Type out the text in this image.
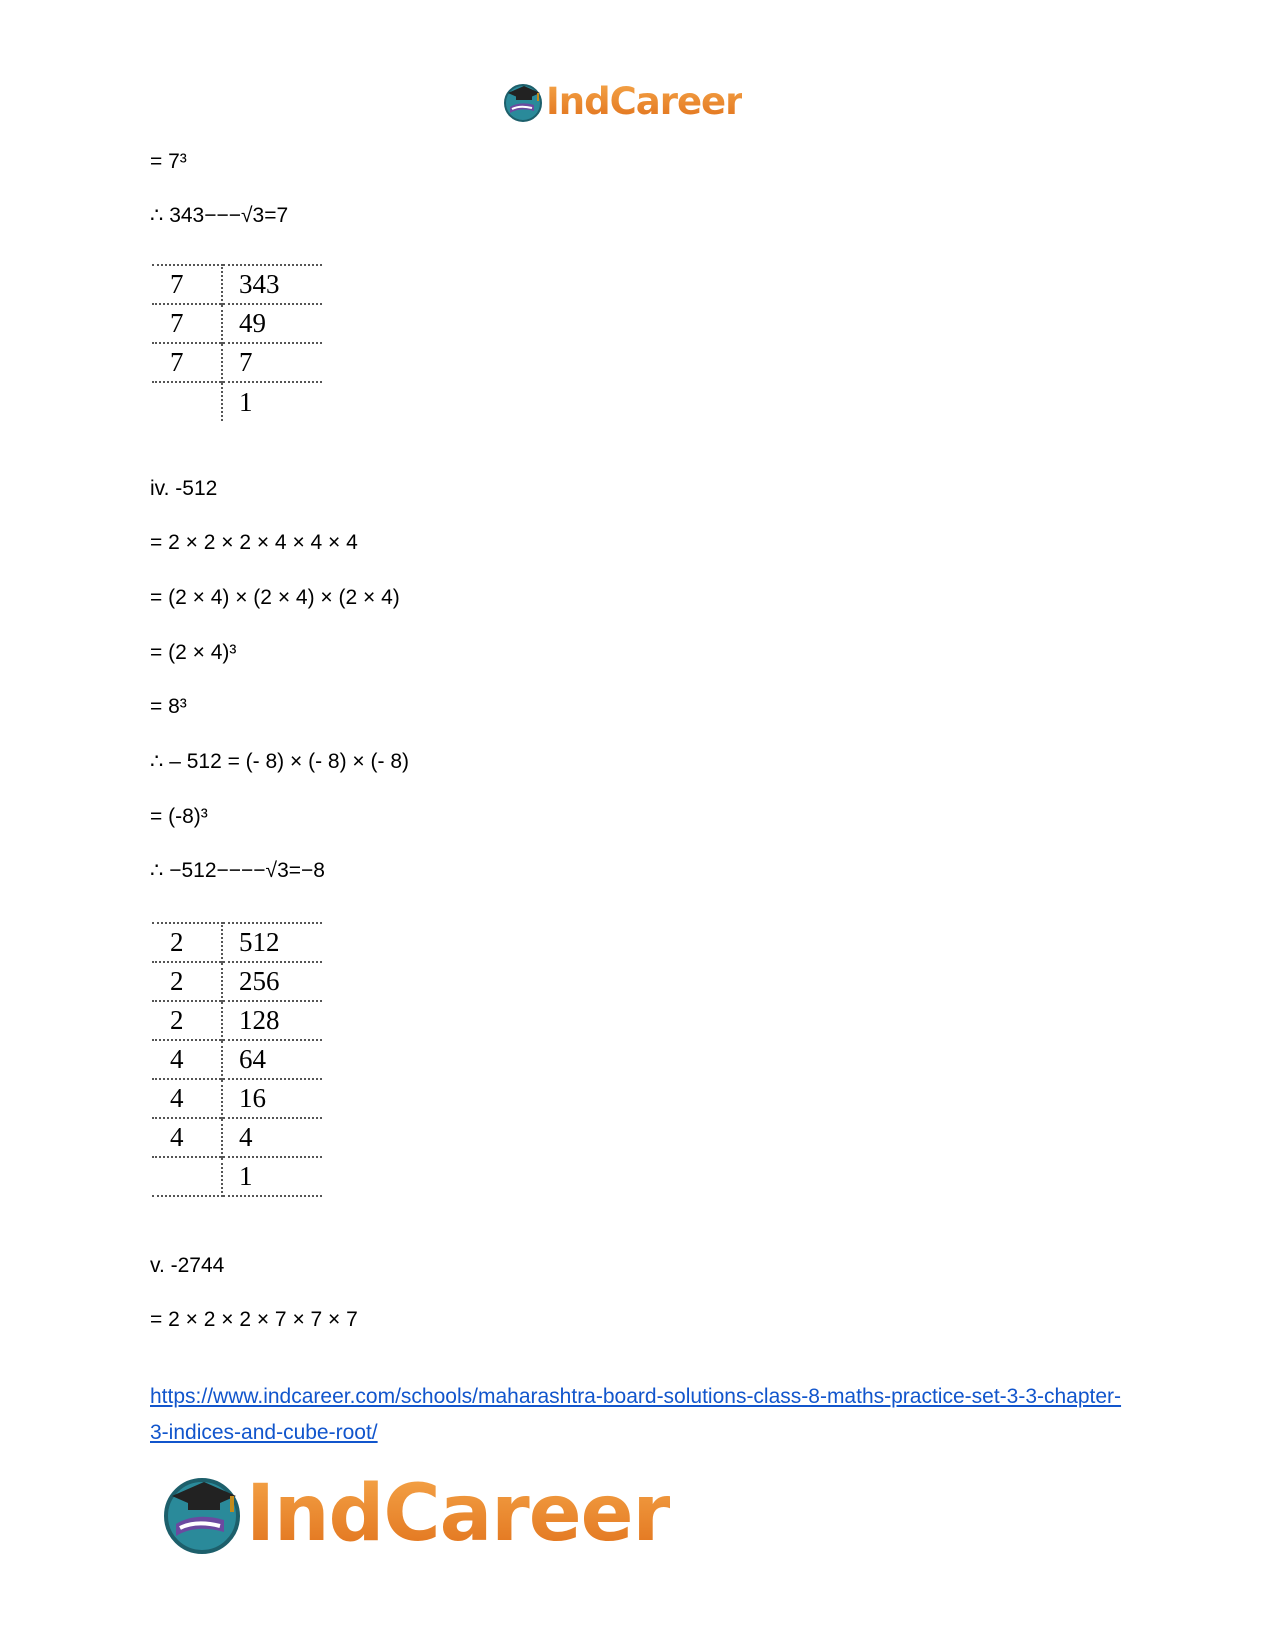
IndCareer
= 7³
∴ 343−−−√3=7
7	343
7	49
7	7
	1
iv. -512
= 2 × 2 × 2 × 4 × 4 × 4
= (2 × 4) × (2 × 4) × (2 × 4)
= (2 × 4)³
= 8³
∴ – 512 = (- 8) × (- 8) × (- 8)
= (-8)³
∴ −512−−−−√3=−8
2	512
2	256
2	128
4	64
4	16
4	4
	1
v. -2744
= 2 × 2 × 2 × 7 × 7 × 7
https://www.indcareer.com/schools/maharashtra-board-solutions-class-8-maths-practice-set-3-3-chapter-3-indices-and-cube-root/
IndCareer
